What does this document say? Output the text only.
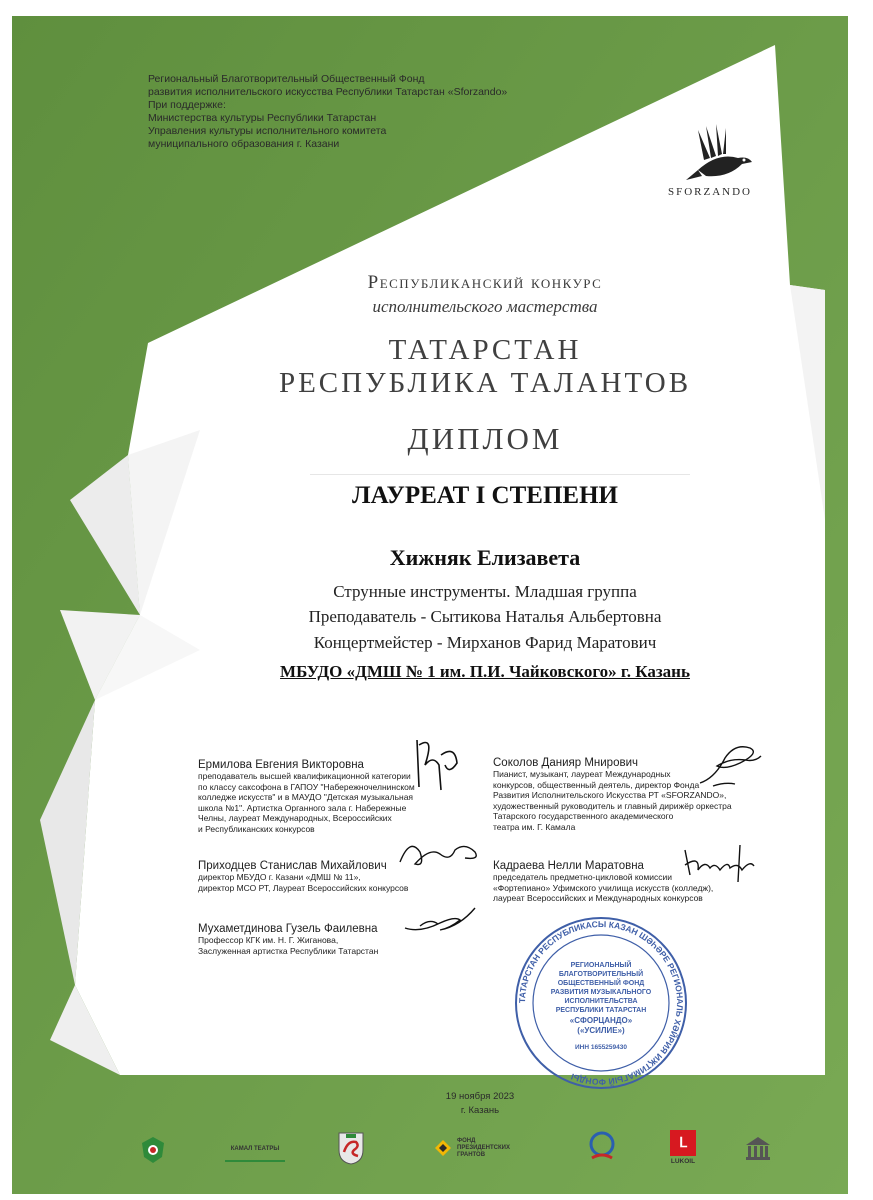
Региональный Благотворительный Общественный Фонд
развития исполнительского искусства Республики Татарстан «Sforzando»
При поддержке:
Министерства культуры Республики Татарстан
Управления культуры исполнительного комитета
муниципального образования г. Казани
SFORZANDO
Республиканский конкурс
исполнительского мастерства
ТАТАРСТАН
РЕСПУБЛИКА ТАЛАНТОВ
ДИПЛОМ
ЛАУРЕАТ I СТЕПЕНИ
Хижняк Елизавета
Струнные инструменты. Младшая группа
Преподаватель - Сытикова Наталья Альбертовна
Концертмейстер - Мирханов Фарид Маратович
МБУДО «ДМШ № 1 им. П.И. Чайковского» г. Казань
Ермилова Евгения Викторовна
преподаватель высшей квалификационной категории
по классу саксофона в ГАПОУ "Набережночелнинском
колледже искусств" и в МАУДО "Детская музыкальная
школа №1". Артистка Органного зала г. Набережные
Челны, лауреат Международных, Всероссийских
и Республиканских конкурсов
Приходцев Станислав Михайлович
директор МБУДО г. Казани «ДМШ № 11»,
директор МСО РТ, Лауреат Всероссийских конкурсов
Мухаметдинова Гузель Фаилевна
Профессор КГК им. Н. Г. Жиганова,
Заслуженная артистка Республики Татарстан
Соколов Данияр Мнирович
Пианист, музыкант, лауреат Международных
конкурсов, общественный деятель, директор Фонда
Развития Исполнительского Искусства РТ «SFORZANDO»,
художественный руководитель и главный дирижёр оркестра
Татарского государственного академического
театра им. Г. Камала
Кадраева Нелли Маратовна
председатель предметно-цикловой комиссии
«Фортепиано» Уфимского училища искусств (колледж),
лауреат Всероссийских и Международных конкурсов
ТАТАРСТАН РЕСПУБЛИКАСЫ КАЗАН ШӘҺӘРЕ РЕГИОНАЛЬ ХӘЙРИЯ ИҖТИМАГЫЙ ФОНДЫ
РЕГИОНАЛЬНЫЙ
БЛАГОТВОРИТЕЛЬНЫЙ
ОБЩЕСТВЕННЫЙ ФОНД
РАЗВИТИЯ МУЗЫКАЛЬНОГО
ИСПОЛНИТЕЛЬСТВА
РЕСПУБЛИКИ ТАТАРСТАН
«СФОРЦАНДО»
(«УСИЛИЕ»)
ИНН 1655259430
19 ноября 2023
г. Казань
КАМАЛ ТЕАТРЫ
ФОНД ПРЕЗИДЕНТСКИХ ГРАНТОВ
Ⅼ
LUKOIL
